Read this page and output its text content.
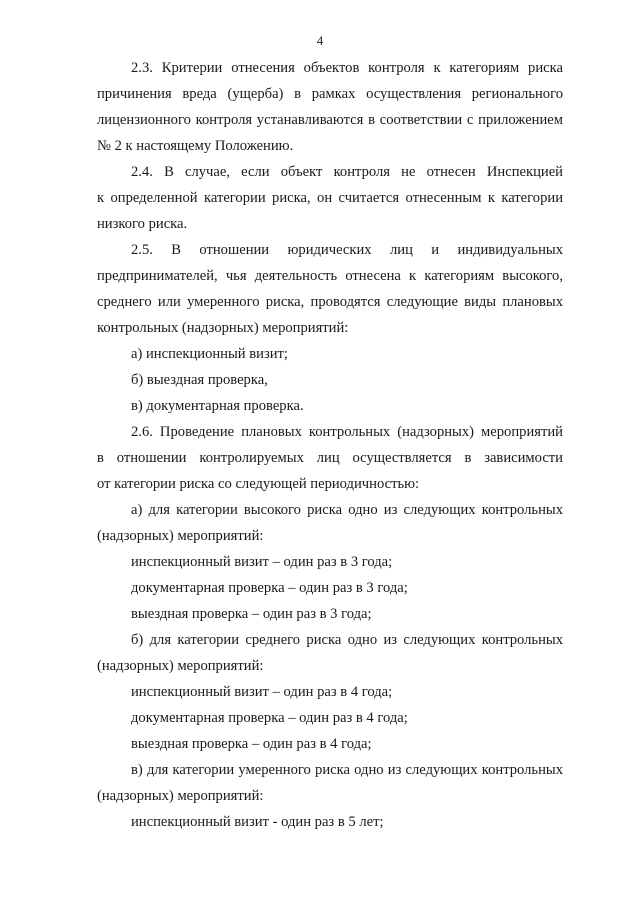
4
2.3. Критерии отнесения объектов контроля к категориям риска
причинения вреда (ущерба) в рамках осуществления регионального
лицензионного контроля устанавливаются в соответствии с приложением
№ 2 к настоящему Положению.
2.4. В случае, если объект контроля не отнесен Инспекцией
к определенной категории риска, он считается отнесенным к категории
низкого риска.
2.5. В отношении юридических лиц и индивидуальных
предпринимателей, чья деятельность отнесена к категориям высокого,
среднего или умеренного риска, проводятся следующие виды плановых
контрольных (надзорных) мероприятий:
а) инспекционный визит;
б) выездная проверка,
в) документарная проверка.
2.6. Проведение плановых контрольных (надзорных) мероприятий
в отношении контролируемых лиц осуществляется в зависимости
от категории риска со следующей периодичностью:
а) для категории высокого риска одно из следующих контрольных
(надзорных) мероприятий:
инспекционный визит – один раз в 3 года;
документарная проверка – один раз в 3 года;
выездная проверка – один раз в 3 года;
б) для категории среднего риска одно из следующих контрольных
(надзорных) мероприятий:
инспекционный визит – один раз в 4 года;
документарная проверка – один раз в 4 года;
выездная проверка – один раз в 4 года;
в) для категории умеренного риска одно из следующих контрольных
(надзорных) мероприятий:
инспекционный визит - один раз в 5 лет;
